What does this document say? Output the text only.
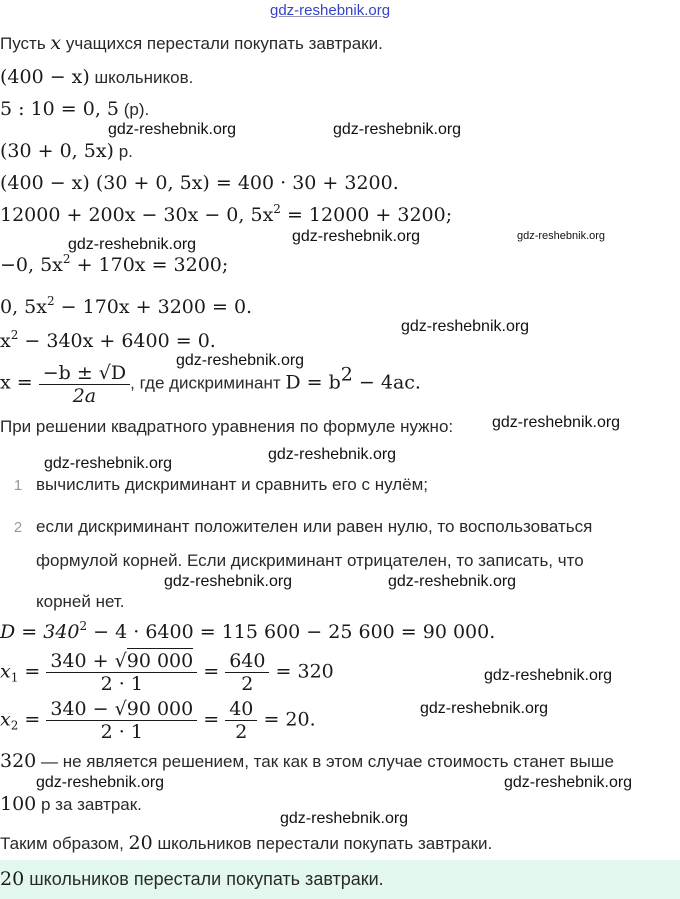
gdz-reshebnik.org
Пусть x учащихся перестали покупать завтраки.
(400 − x) школьников.
5 : 10 = 0, 5 (р).
(30 + 0, 5x) р.
(400 − x) (30 + 0, 5x) = 400 · 30 + 3200.
12000 + 200x − 30x − 0, $5x^2 = 12000 + 3200$;
−0, $5x^2 + 170x = 3200$;
0, $5x^2 - 170x + 3200 = 0$.
$x^2 - 340x + 6400 = 0$.
$x = \frac{-b \pm √D}{2a}$ , где дискриминант $D = b^2 - 4ac$.
При решении квадратного уравнения по формуле нужно:
1 вычислить дискриминант и сравнить его с нулём;
2 если дискриминант положителен или равен нулю, то воспользоваться
формулой корней. Если дискриминант отрицателен, то записать, что
корней нет.
$D = 340^2 - 4 \cdot 6400 = 115$ 600 − 25 600 = 90 000.
$x_1 = \frac{340 + √90 000}{2 \cdot 1} = \frac{640}{2} = 320$
$x_2 = \frac{340 - √90 000}{2 \cdot 1} = \frac{40}{2} = 20$.
320 — не является решением, так как в этом случае стоимость станет выше
100 р за завтрак.
Таким образом, 20 школьников перестали покупать завтраки.
20 школьников перестали покупать завтраки.
gdz-reshebnik.org	gdz-reshebnik.org
gdz-reshebnik.org	gdz-reshebnik.org
gdz-reshebnik.org
gdz-reshebnik.org
gdz-reshebnik.org
gdz-reshebnik.org
gdz-reshebnik.org
gdz-reshebnik.org
gdz-reshebnik.org	gdz-reshebnik.org
gdz-reshebnik.org
gdz-reshebnik.org
gdz-reshebnik.org	gdz-reshebnik.org
gdz-reshebnik.org
